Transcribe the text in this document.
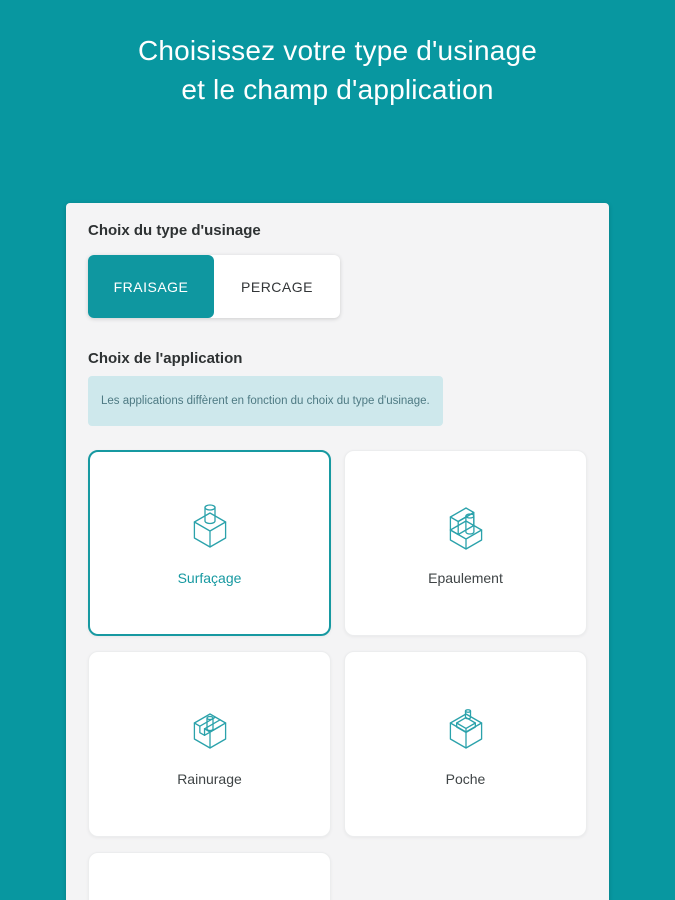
Choisissez votre type d'usinage
et le champ d'application
Choix du type d'usinage
FRAISAGE	PERCAGE
Choix de l'application
Les applications diffèrent en fonction du choix du type d'usinage.
Surfaçage	Epaulement
Rainurage	Poche
